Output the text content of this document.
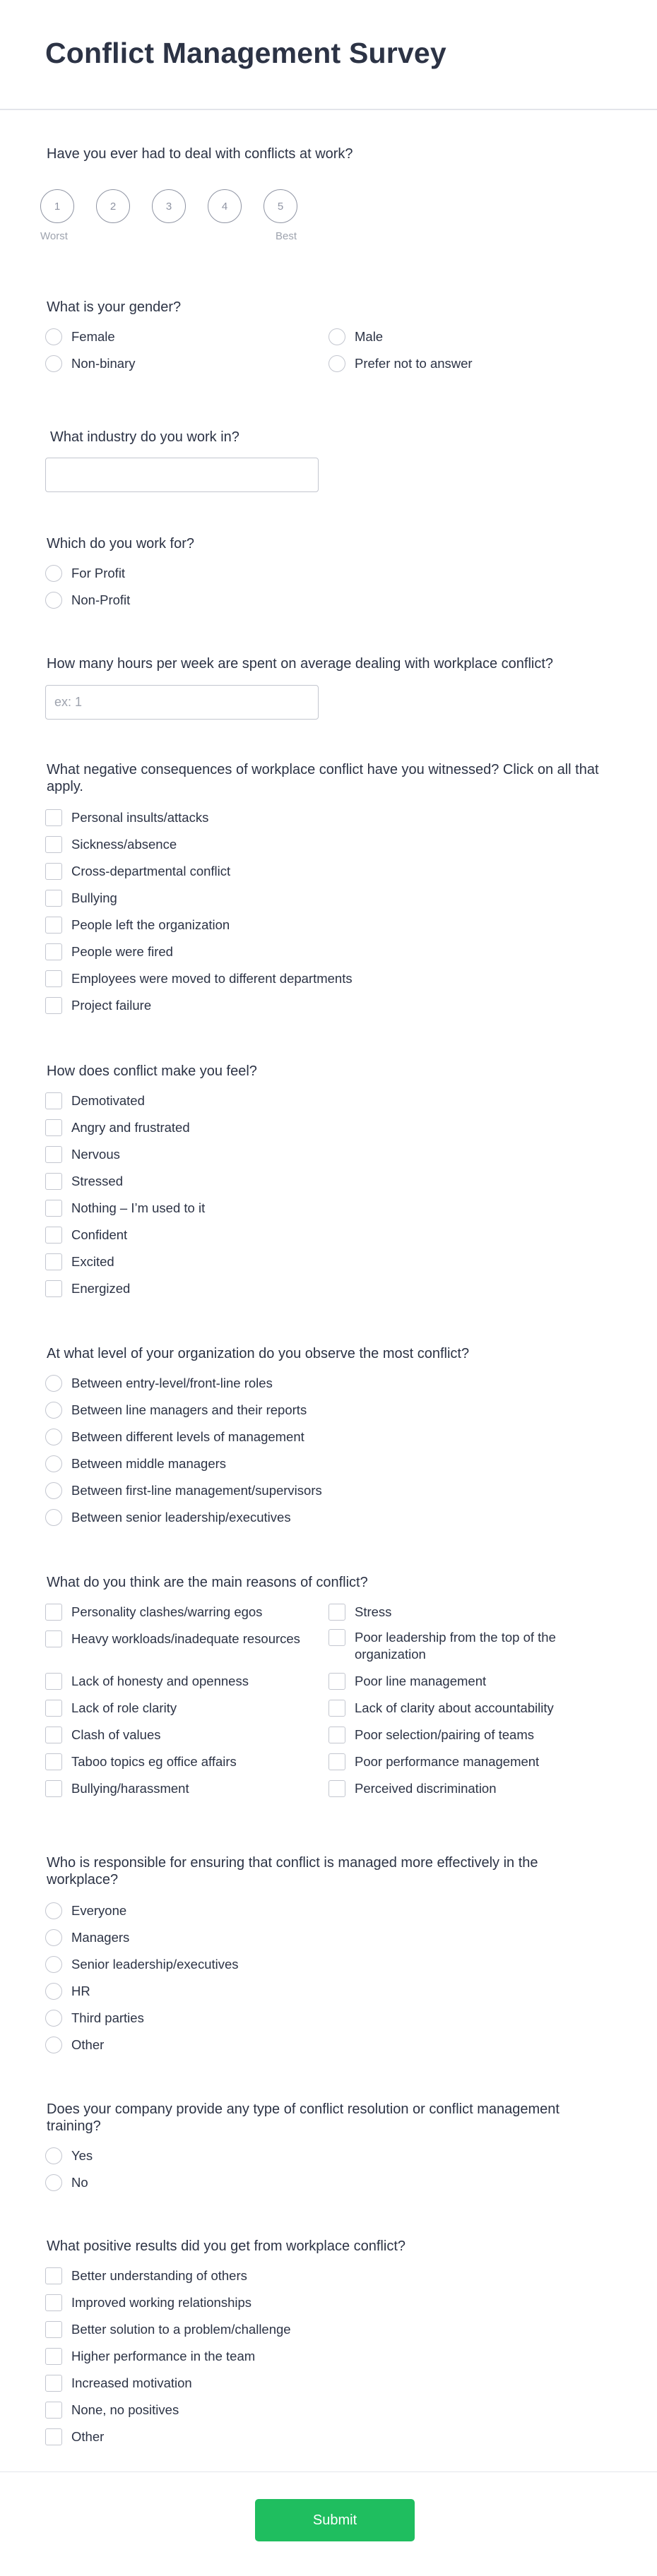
Conflict Management Survey
Have you ever had to deal with conflicts at work?
1	2	3	4	5
Worst	Best
What is your gender?
Female	Male
Non-binary	Prefer not to answer
What industry do you work in?
Which do you work for?
For Profit
Non-Profit
How many hours per week are spent on average dealing with workplace conflict?
ex: 1
What negative consequences of workplace conflict have you witnessed? Click on all that apply.
Personal insults/attacks
Sickness/absence
Cross-departmental conflict
Bullying
People left the organization
People were fired
Employees were moved to different departments
Project failure
How does conflict make you feel?
Demotivated
Angry and frustrated
Nervous
Stressed
Nothing – I’m used to it
Confident
Excited
Energized
At what level of your organization do you observe the most conflict?
Between entry-level/front-line roles
Between line managers and their reports
Between different levels of management
Between middle managers
Between first-line management/supervisors
Between senior leadership/executives
What do you think are the main reasons of conflict?
Personality clashes/warring egos	Stress
Heavy workloads/inadequate resources	Poor leadership from the top of the organization
Lack of honesty and openness	Poor line management
Lack of role clarity	Lack of clarity about accountability
Clash of values	Poor selection/pairing of teams
Taboo topics eg office affairs	Poor performance management
Bullying/harassment	Perceived discrimination
Who is responsible for ensuring that conflict is managed more effectively in the workplace?
Everyone
Managers
Senior leadership/executives
HR
Third parties
Other
Does your company provide any type of conflict resolution or conflict management training?
Yes
No
What positive results did you get from workplace conflict?
Better understanding of others
Improved working relationships
Better solution to a problem/challenge
Higher performance in the team
Increased motivation
None, no positives
Other
Submit
